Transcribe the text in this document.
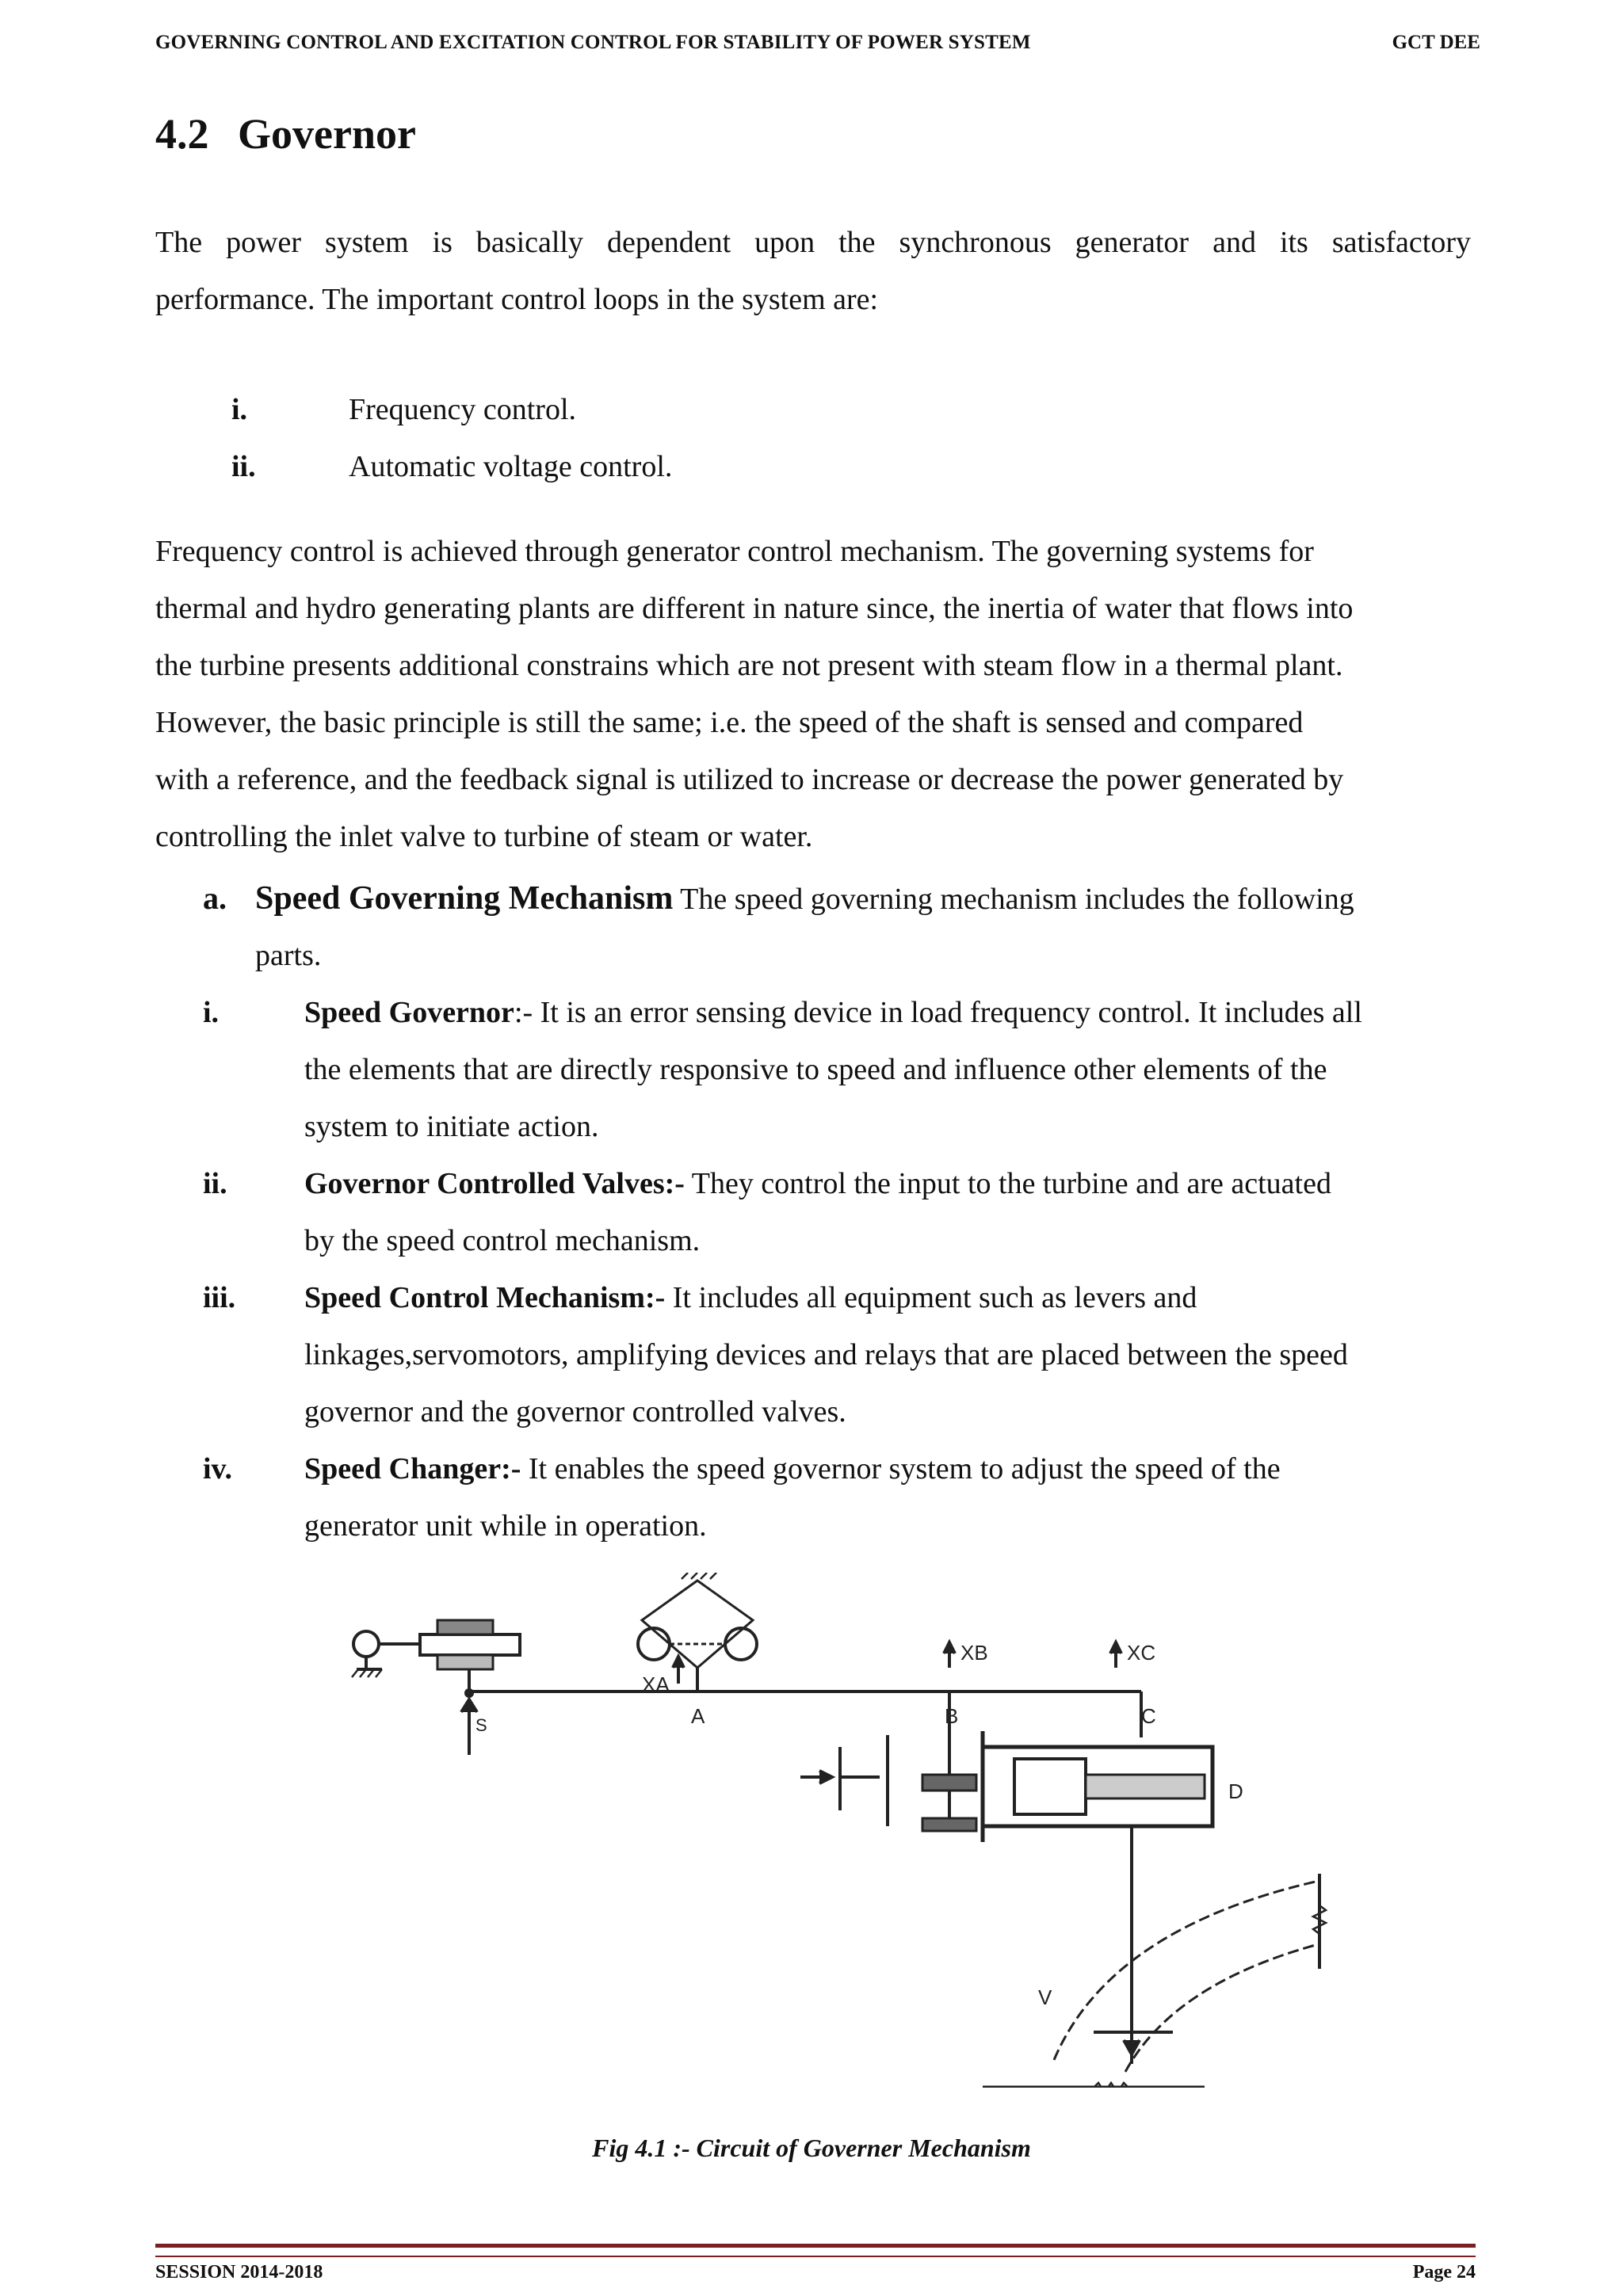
GOVERNING CONTROL AND EXCITATION CONTROL FOR STABILITY OF POWER SYSTEM	GCT DEE
4.2 Governor
The power system is basically dependent upon the synchronous generator and its satisfactory
performance. The important control loops in the system are:
i.	Frequency control.
ii.	Automatic voltage control.
Frequency control is achieved through generator control mechanism. The governing systems for
thermal and hydro generating plants are different in nature since, the inertia of water that flows into
the turbine presents additional constrains which are not present with steam flow in a thermal plant.
However, the basic principle is still the same; i.e. the speed of the shaft is sensed and compared
with a reference, and the feedback signal is utilized to increase or decrease the power generated by
controlling the inlet valve to turbine of steam or water.
a. Speed Governing Mechanism The speed governing mechanism includes the following
parts.
i.	Speed Governor:- It is an error sensing device in load frequency control. It includes all
the elements that are directly responsive to speed and influence other elements of the
system to initiate action.
ii.	Governor Controlled Valves:- They control the input to the turbine and are actuated
by the speed control mechanism.
iii. Speed Control Mechanism:- It includes all equipment such as levers and
linkages,servomotors, amplifying devices and relays that are placed between the speed
governor and the governor controlled valves.
iv. Speed Changer:- It enables the speed governor system to adjust the speed of the
generator unit while in operation.
XA
A
S
XB
B
XC
C
D
V
Fig 4.1 :- Circuit of Governer Mechanism
SESSION 2014-2018	Page 24
